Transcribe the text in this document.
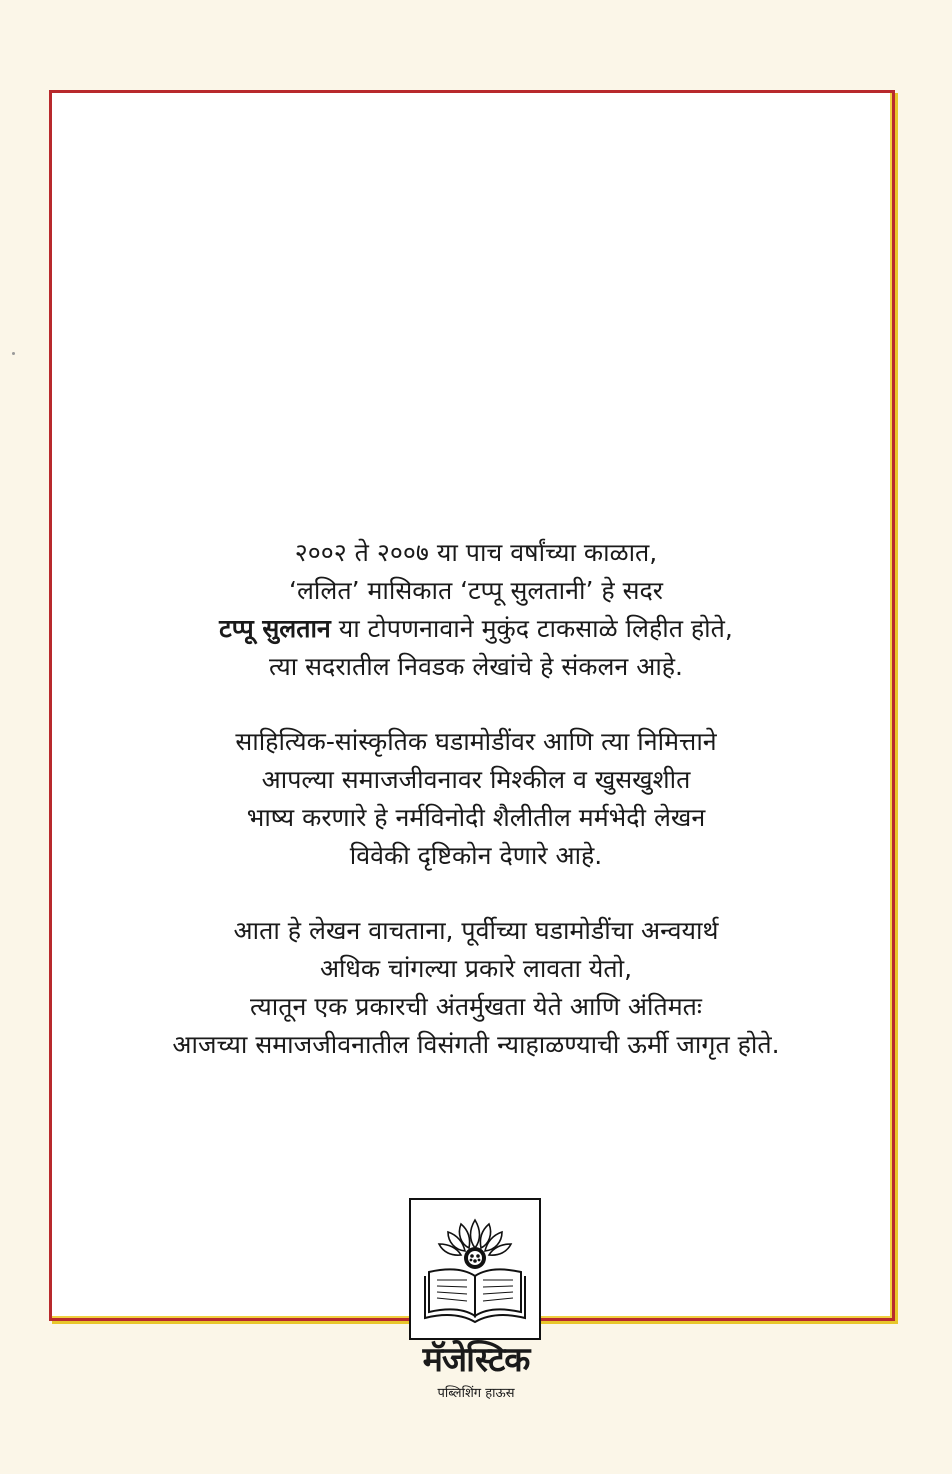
२००२ ते २००७ या पाच वर्षांच्या काळात,
‘ललित’ मासिकात ‘टप्पू सुलतानी’ हे सदर
टप्पू सुलतान या टोपणनावाने मुकुंद टाकसाळे लिहीत होते,
त्या सदरातील निवडक लेखांचे हे संकलन आहे.
साहित्यिक-सांस्कृतिक घडामोडींवर आणि त्या निमित्ताने
आपल्या समाजजीवनावर मिश्कील व खुसखुशीत
भाष्य करणारे हे नर्मविनोदी शैलीतील मर्मभेदी लेखन
विवेकी दृष्टिकोन देणारे आहे.
आता हे लेखन वाचताना, पूर्वीच्या घडामोडींचा अन्वयार्थ
अधिक चांगल्या प्रकारे लावता येतो,
त्यातून एक प्रकारची अंतर्मुखता येते आणि अंतिमतः
आजच्या समाजजीवनातील विसंगती न्याहाळण्याची ऊर्मी जागृत होते.
मॅजेस्टिक
पब्लिशिंग हाऊस
